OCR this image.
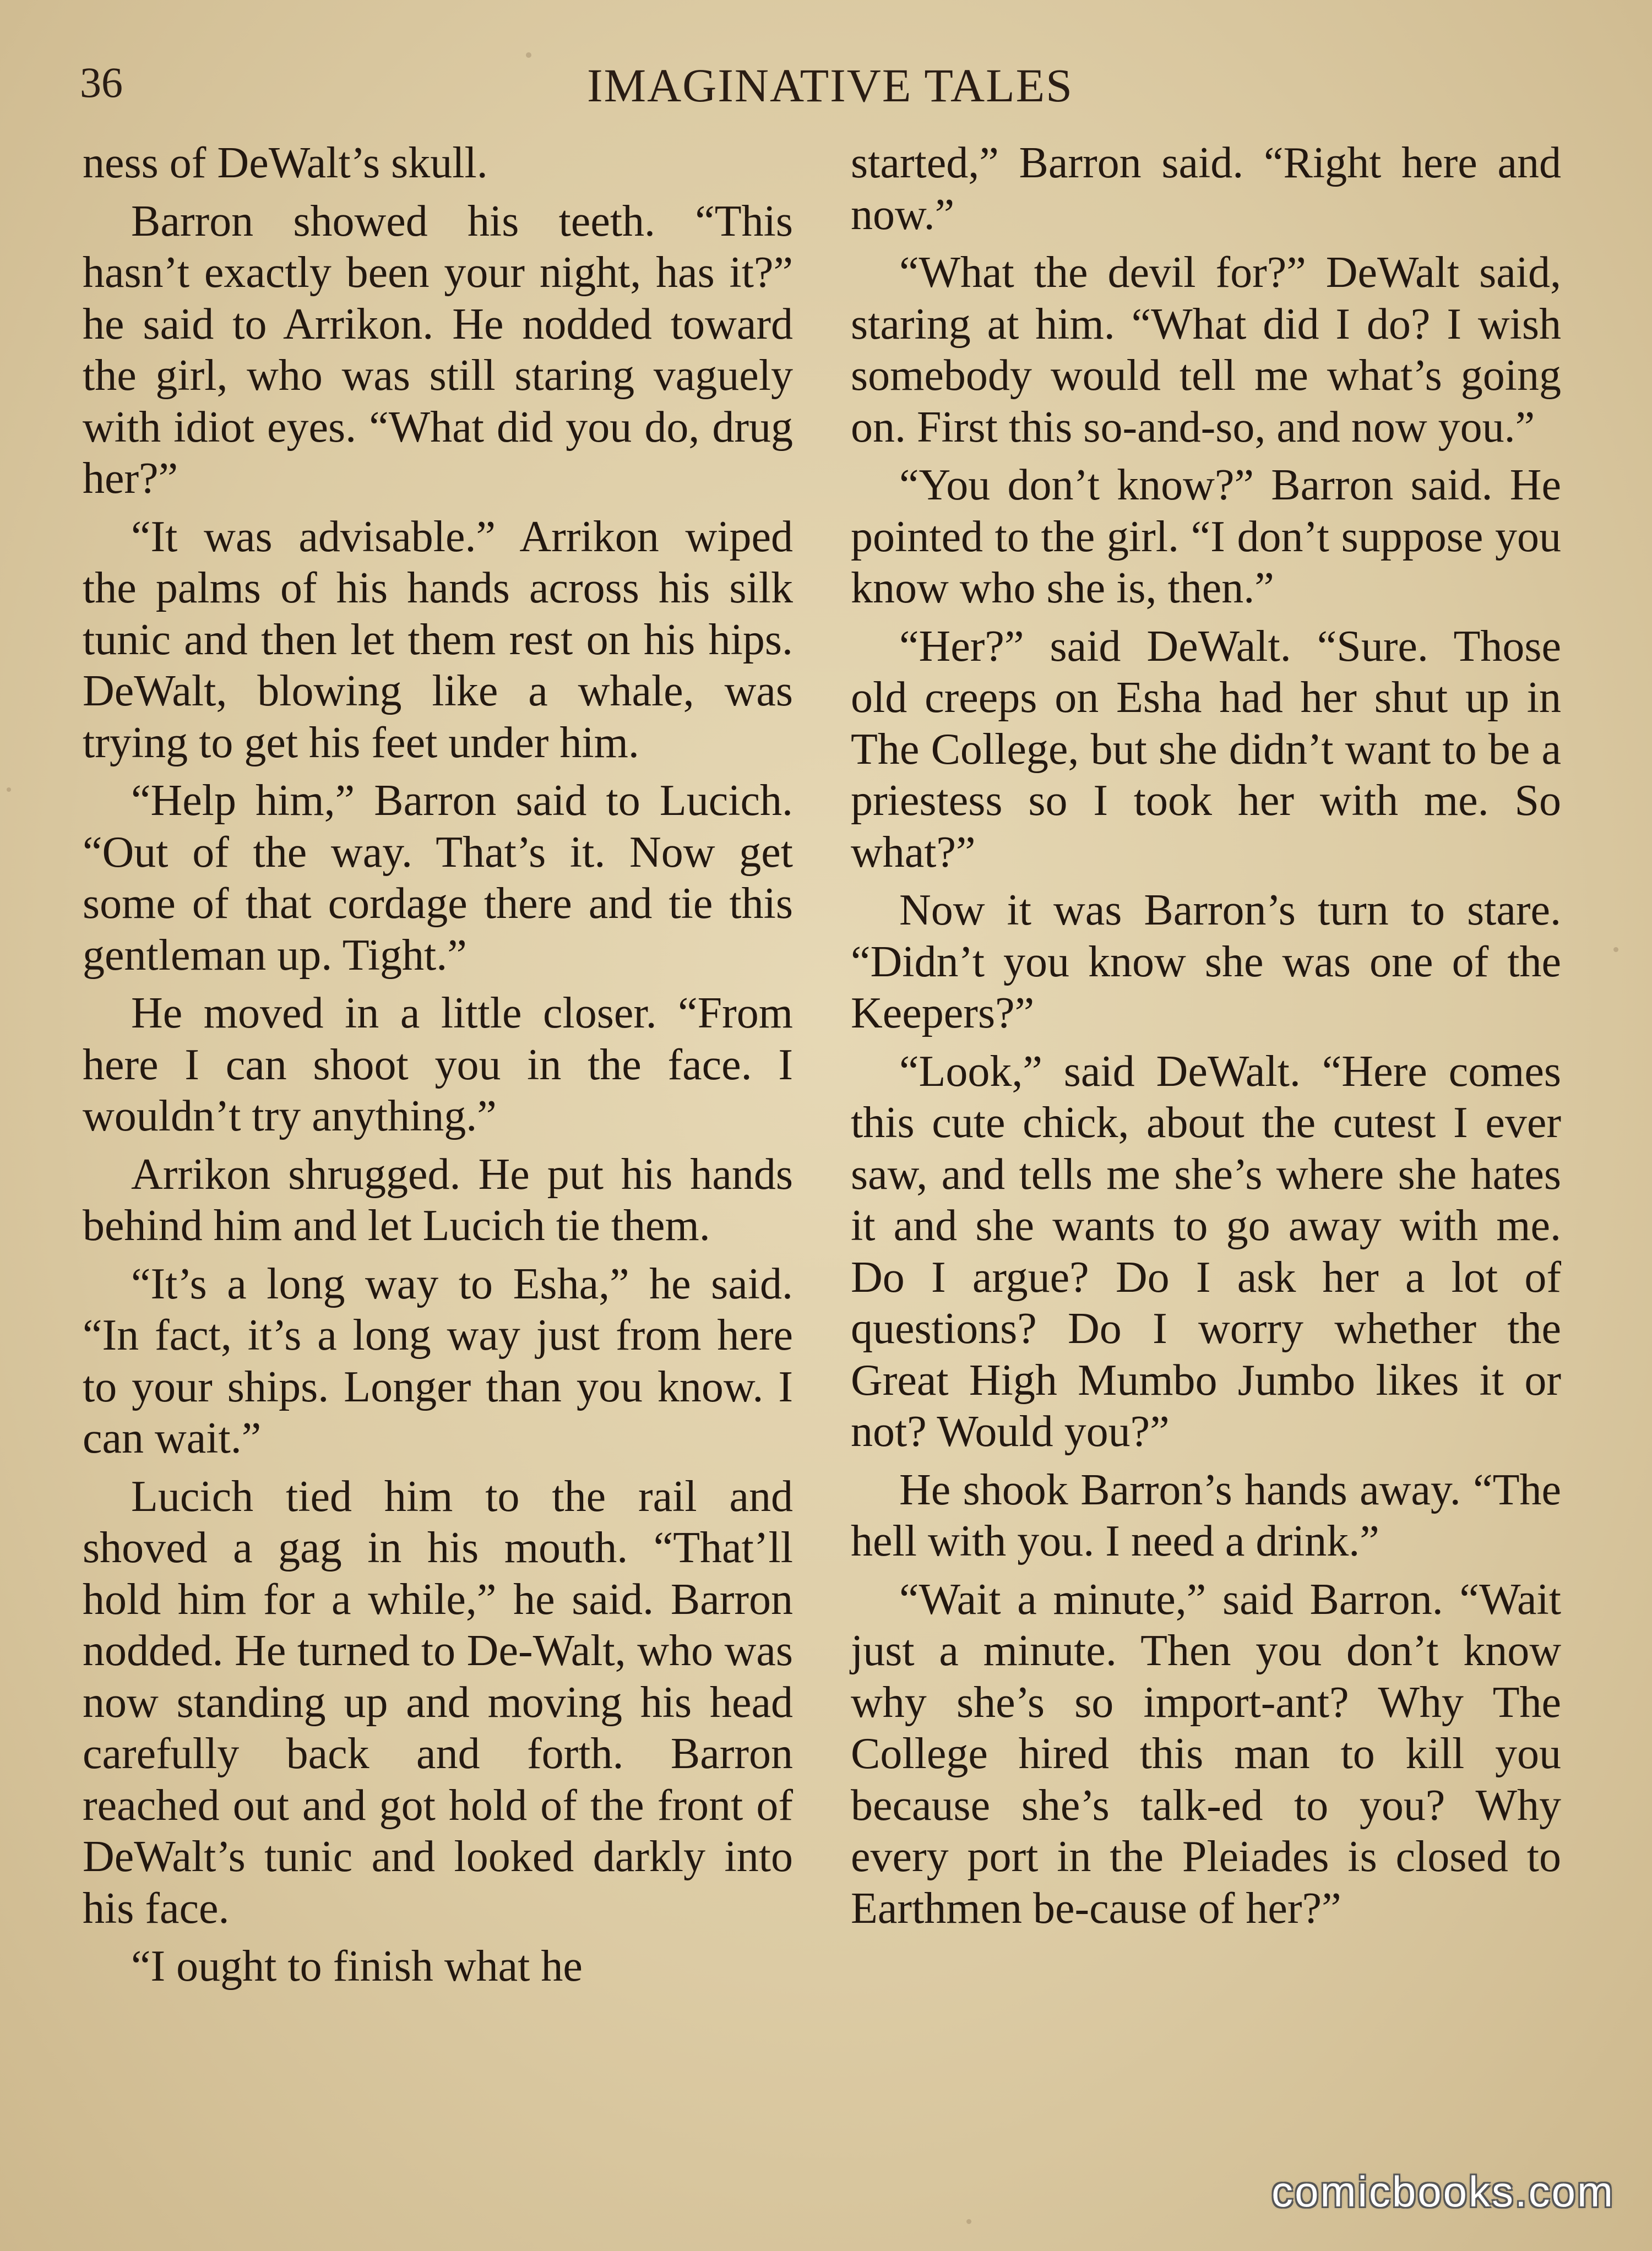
36	IMAGINATIVE TALES

ness of DeWalt’s skull.

Barron showed his teeth. “This hasn’t exactly been your night, has it?” he said to Arrikon. He nodded toward the girl, who was still staring vaguely with idiot eyes. “What did you do, drug her?”

“It was advisable.” Arrikon wiped the palms of his hands across his silk tunic and then let them rest on his hips. DeWalt, blowing like a whale, was trying to get his feet under him.

“Help him,” Barron said to Lucich. “Out of the way. That’s it. Now get some of that cordage there and tie this gentleman up. Tight.”

He moved in a little closer. “From here I can shoot you in the face. I wouldn’t try anything.”

Arrikon shrugged. He put his hands behind him and let Lucich tie them.

“It’s a long way to Esha,” he said. “In fact, it’s a long way just from here to your ships. Longer than you know. I can wait.”

Lucich tied him to the rail and shoved a gag in his mouth. “That’ll hold him for a while,” he said. Barron nodded. He turned to De-Walt, who was now standing up and moving his head carefully back and forth. Barron reached out and got hold of the front of DeWalt’s tunic and looked darkly into his face.

“I ought to finish what he

started,” Barron said. “Right here and now.”

“What the devil for?” DeWalt said, staring at him. “What did I do? I wish somebody would tell me what’s going on. First this so-and-so, and now you.”

“You don’t know?” Barron said. He pointed to the girl. “I don’t suppose you know who she is, then.”

“Her?” said DeWalt. “Sure. Those old creeps on Esha had her shut up in The College, but she didn’t want to be a priestess so I took her with me. So what?”

Now it was Barron’s turn to stare. “Didn’t you know she was one of the Keepers?”

“Look,” said DeWalt. “Here comes this cute chick, about the cutest I ever saw, and tells me she’s where she hates it and she wants to go away with me. Do I argue? Do I ask her a lot of questions? Do I worry whether the Great High Mumbo Jumbo likes it or not? Would you?”

He shook Barron’s hands away. “The hell with you. I need a drink.”

“Wait a minute,” said Barron. “Wait just a minute. Then you don’t know why she’s so import-ant? Why The College hired this man to kill you because she’s talk-ed to you? Why every port in the Pleiades is closed to Earthmen be-cause of her?”

comicbooks.com
